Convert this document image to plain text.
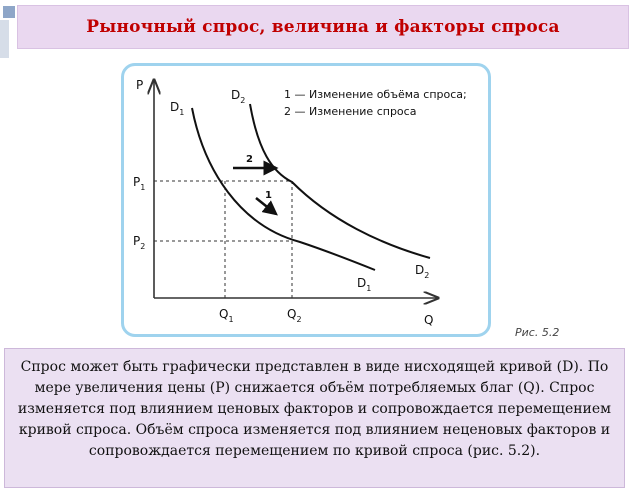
Рыночный спрос, величина и факторы спроса
2
1
P
Q
$D_1$
$D_2$
$D_2$
$D_1$
$P_1$
$P_2$
$Q_1$	$Q_2$
1 — Изменение объёма спроса;
2 — Изменение спроса
Рис. 5.2

Спрос может быть графически представлен в виде нисходящей кривой (D). По мере увеличения цены (P) снижается объём потребляемых благ (Q). Спрос изменяется под влиянием ценовых факторов и сопровождается перемещением кривой спроса. Объём спроса изменяется под влиянием неценовых факторов и сопровождается перемещением по кривой спроса (рис. 5.2).
